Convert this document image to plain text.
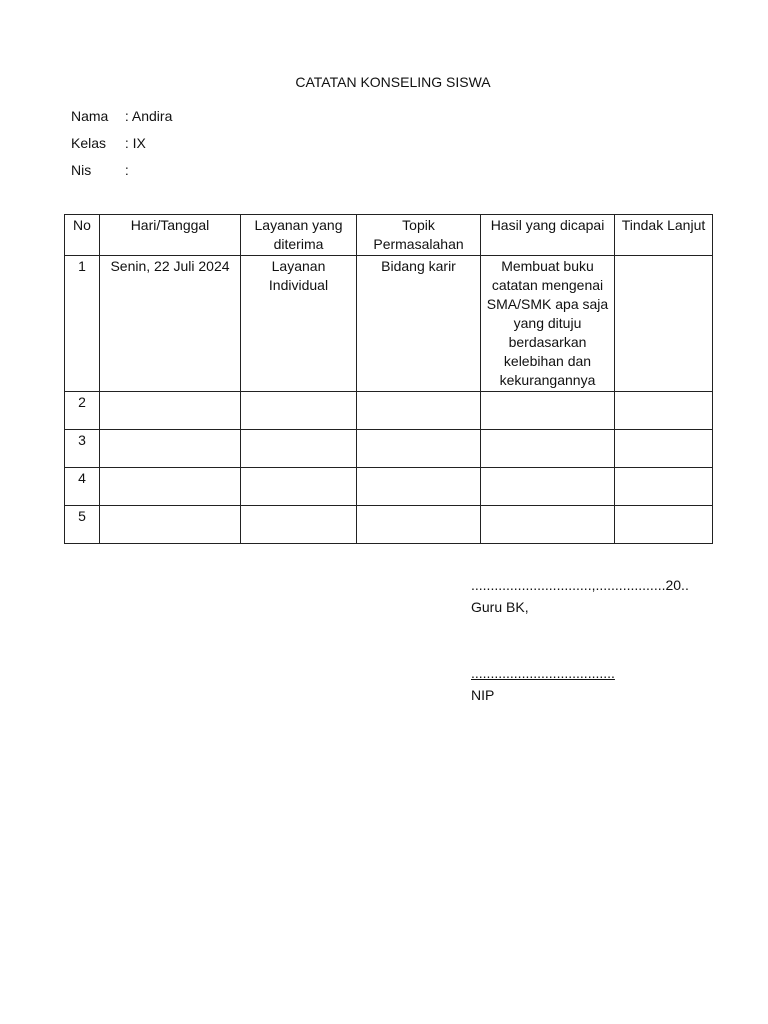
CATATAN KONSELING SISWA
Nama : Andira
Kelas : IX
Nis :
No	Hari/Tanggal	Layanan yang diterima	Topik Permasalahan	Hasil yang dicapai	Tindak Lanjut
1	Senin, 22 Juli 2024	Layanan Individual	Bidang karir	Membuat buku catatan mengenai SMA/SMK apa saja yang dituju berdasarkan kelebihan dan kekurangannya	
2					
3					
4					
5					
...............................,..................20..
Guru BK,
.....................................
NIP
